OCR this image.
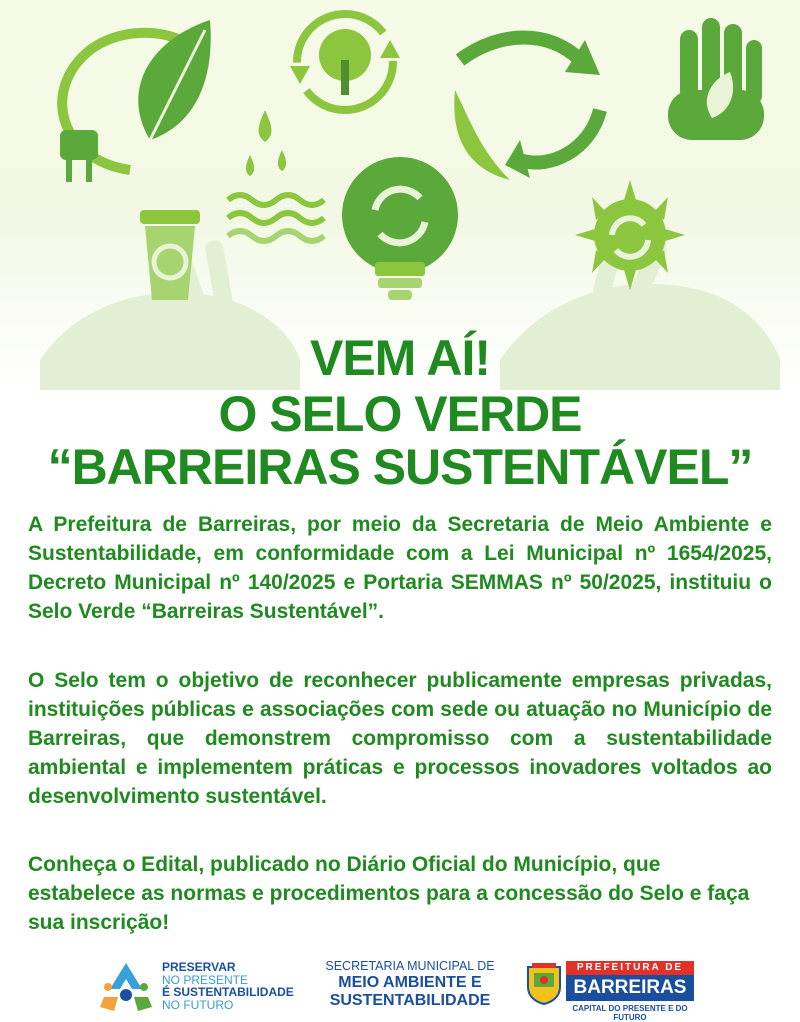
VEM AÍ!
O SELO VERDE
“BARREIRAS SUSTENTÁVEL”

A Prefeitura de Barreiras, por meio da Secretaria de Meio Ambiente e Sustentabilidade, em conformidade com a Lei Municipal nº 1654/2025, Decreto Municipal nº 140/2025 e Portaria SEMMAS nº 50/2025, instituiu o Selo Verde “Barreiras Sustentável”.

O Selo tem o objetivo de reconhecer publicamente empresas privadas, instituições públicas e associações com sede ou atuação no Município de Barreiras, que demonstrem compromisso com a sustentabilidade ambiental e implementem práticas e processos inovadores voltados ao desenvolvimento sustentável.

Conheça o Edital, publicado no Diário Oficial do Município, que estabelece as normas e procedimentos para a concessão do Selo e faça sua inscrição!

PRESERVAR
NO PRESENTE
É SUSTENTABILIDADE
NO FUTURO
SECRETARIA MUNICIPAL DE
MEIO AMBIENTE E
SUSTENTABILIDADE
PREFEITURA DE
BARREIRAS
CAPITAL DO PRESENTE E DO FUTURO
